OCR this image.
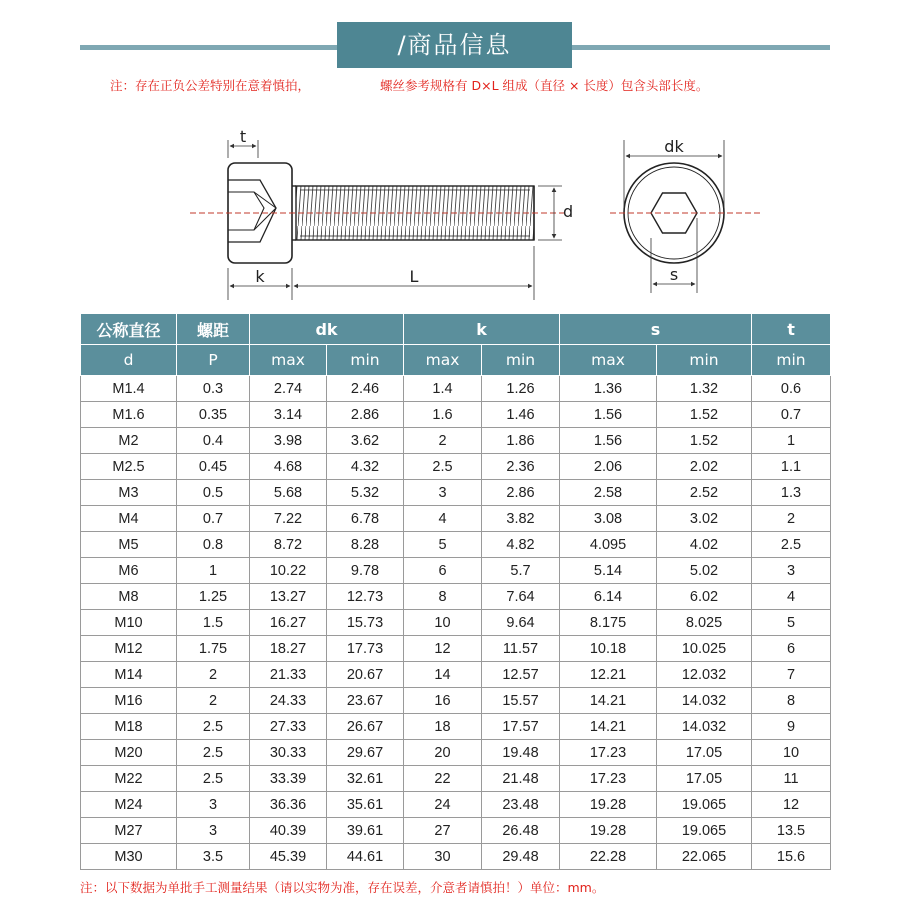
/商品信息
注：存在正负公差特别在意着慎拍，	螺丝参考规格有 D×L 组成（直径 × 长度）包含头部长度。
t
d
k	L
dk
s
公称直径	螺距	dk		k		s		t
d	P	max	min	max	min	max	min	min
M1.4	0.3	2.74	2.46	1.4	1.26	1.36	1.32	0.6
M1.6	0.35	3.14	2.86	1.6	1.46	1.56	1.52	0.7
M2	0.4	3.98	3.62	2	1.86	1.56	1.52	1
M2.5	0.45	4.68	4.32	2.5	2.36	2.06	2.02	1.1
M3	0.5	5.68	5.32	3	2.86	2.58	2.52	1.3
M4	0.7	7.22	6.78	4	3.82	3.08	3.02	2
M5	0.8	8.72	8.28	5	4.82	4.095	4.02	2.5
M6	1	10.22	9.78	6	5.7	5.14	5.02	3
M8	1.25	13.27	12.73	8	7.64	6.14	6.02	4
M10	1.5	16.27	15.73	10	9.64	8.175	8.025	5
M12	1.75	18.27	17.73	12	11.57	10.18	10.025	6
M14	2	21.33	20.67	14	12.57	12.21	12.032	7
M16	2	24.33	23.67	16	15.57	14.21	14.032	8
M18	2.5	27.33	26.67	18	17.57	14.21	14.032	9
M20	2.5	30.33	29.67	20	19.48	17.23	17.05	10
M22	2.5	33.39	32.61	22	21.48	17.23	17.05	11
M24	3	36.36	35.61	24	23.48	19.28	19.065	12
M27	3	40.39	39.61	27	26.48	19.28	19.065	13.5
M30	3.5	45.39	44.61	30	29.48	22.28	22.065	15.6
注：以下数据为单批手工测量结果（请以实物为准，存在误差，介意者请慎拍！）单位：mm。
